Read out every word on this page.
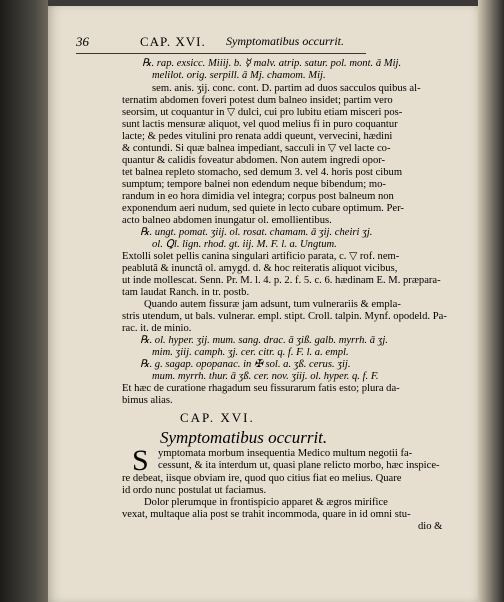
36	CAP. XVI. Symptomatibus occurrit.
℞. rap. exsicc. Miiij. b. ☿ malv. atrip. satur. pol. mont. ā Mij.
melilot. orig. serpill. ā Mj. chamom. Mij.
sem. anis. ʒij. conc. cont. D. partim ad duos sacculos quibus al-
ternatim abdomen foveri potest dum balneo insidet; partim vero
seorsim, ut coquantur in ▽ dulci, cui pro lubitu etiam misceri pos-
sunt lactis mensuræ aliquot, vel quod melius fi in puro coquantur
lacte; & pedes vitulini pro renata addi queunt, vervecini, hædini
& contundi. Si quæ balnea impediant, sacculi in ▽ vel lacte co-
quantur & calidis foveatur abdomen. Non autem ingredi opor-
tet balnea repleto stomacho, sed demum 3. vel 4. horis post cibum
sumptum; tempore balnei non edendum neque bibendum; mo-
randum in eo hora dimidia vel integra; corpus post balneum non
exponendum aeri nudum, sed quiete in lecto cubare optimum. Per-
acto balneo abdomen inungatur ol. emollientibus.
℞. ungt. pomat. ʒiij. ol. rosat. chamam. ā ʒij. cheiri ʒj.
ol. Ꝗl. lign. rhod. gt. iij. M. F. l. a. Ungtum.
Extolli solet pellis canina singulari artificio parata, c. ▽ rof. nem-
peablutâ & inunctâ ol. amygd. d. & hoc reiteratis aliquot vicibus,
ut inde mollescat. Senn. Pr. M. l. 4. p. 2. f. 5. c. 6. hædinam E. M. præpara-
tam laudat Ranch. in tr. postb.
Quando autem fissuræ jam adsunt, tum vulnerariis & empla-
stris utendum, ut bals. vulnerar. empl. stipt. Croll. talpin. Mynf. opodeld. Pa-
rac. it. de minio.
℞. ol. hyper. ʒij. mum. sang. drac. ā ʒiß. galb. myrrh. ā ʒj.
mim. ʒiij. camph. ʒj. cer. citr. q. f. F. l. a. empl.
℞. g. sagap. opopanac. in ✠ sol. a. ʒß. cerus. ʒij.
mum. myrrh. thur. ā ʒß. cer. nov. ʒiij. ol. hyper. q. f. F.
Et hæc de curatione rhagadum seu fissurarum fatis esto; plura da-
bimus alias.
ymptomata morbum insequentia Medico multum negotii fa-
cessunt, & ita interdum ut, quasi plane relicto morbo, hæc inspice-
re debeat, iisque obviam ire, quod quo citius fiat eo melius. Quare
id ordo nunc postulat ut faciamus.
Dolor plerumque in frontispicio apparet & ægros mirifice
vexat, multaque alia post se trahit incommoda, quare in id omni stu-
dio &
CAP. XVI.
Symptomatibus occurrit.
S
